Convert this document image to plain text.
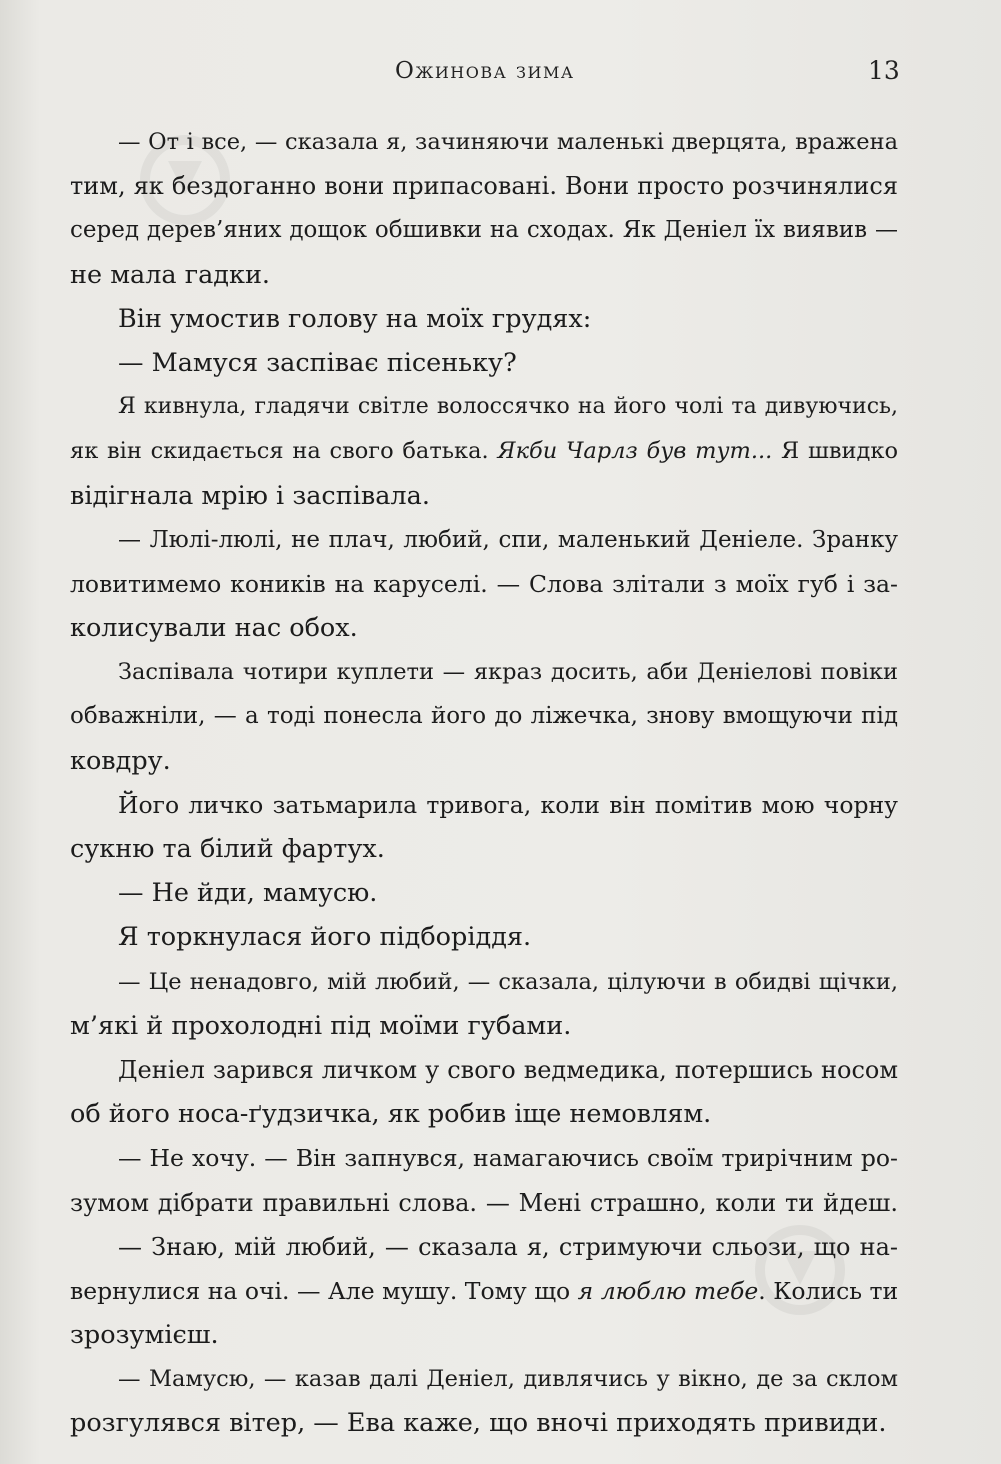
Ожинова зима	13
— От і все, — сказала я, зачиняючи маленькі дверцята, вражена
тим, як бездоганно вони припасовані. Вони просто розчинялися
серед дерев’яних дощок обшивки на сходах. Як Деніел їх виявив —
не мала гадки.
Він умостив голову на моїх грудях:
— Мамуся заспіває пісеньку?
Я кивнула, гладячи світле волоссячко на його чолі та дивуючись,
як він скидається на свого батька. Якби Чарлз був тут... Я швидко
відігнала мрію і заспівала.
— Люлі-люлі, не плач, любий, спи, маленький Деніеле. Зранку
ловитимемо коників на каруселі. — Слова злітали з моїх губ і за-
колисували нас обох.
Заспівала чотири куплети — якраз досить, аби Деніелові повіки
обважніли, — а тоді понесла його до ліжечка, знову вмощуючи під
ковдру.
Його личко затьмарила тривога, коли він помітив мою чорну
сукню та білий фартух.
— Не йди, мамусю.
Я торкнулася його підборіддя.
— Це ненадовго, мій любий, — сказала, цілуючи в обидві щічки,
м’які й прохолодні під моїми губами.
Деніел зарився личком у свого ведмедика, потершись носом
об його носа-ґудзичка, як робив іще немовлям.
— Не хочу. — Він запнувся, намагаючись своїм трирічним ро-
зумом дібрати правильні слова. — Мені страшно, коли ти йдеш.
— Знаю, мій любий, — сказала я, стримуючи сльози, що на-
вернулися на очі. — Але мушу. Тому що я люблю тебе. Колись ти
зрозумієш.
— Мамусю, — казав далі Деніел, дивлячись у вікно, де за склом
розгулявся вітер, — Ева каже, що вночі приходять привиди.
